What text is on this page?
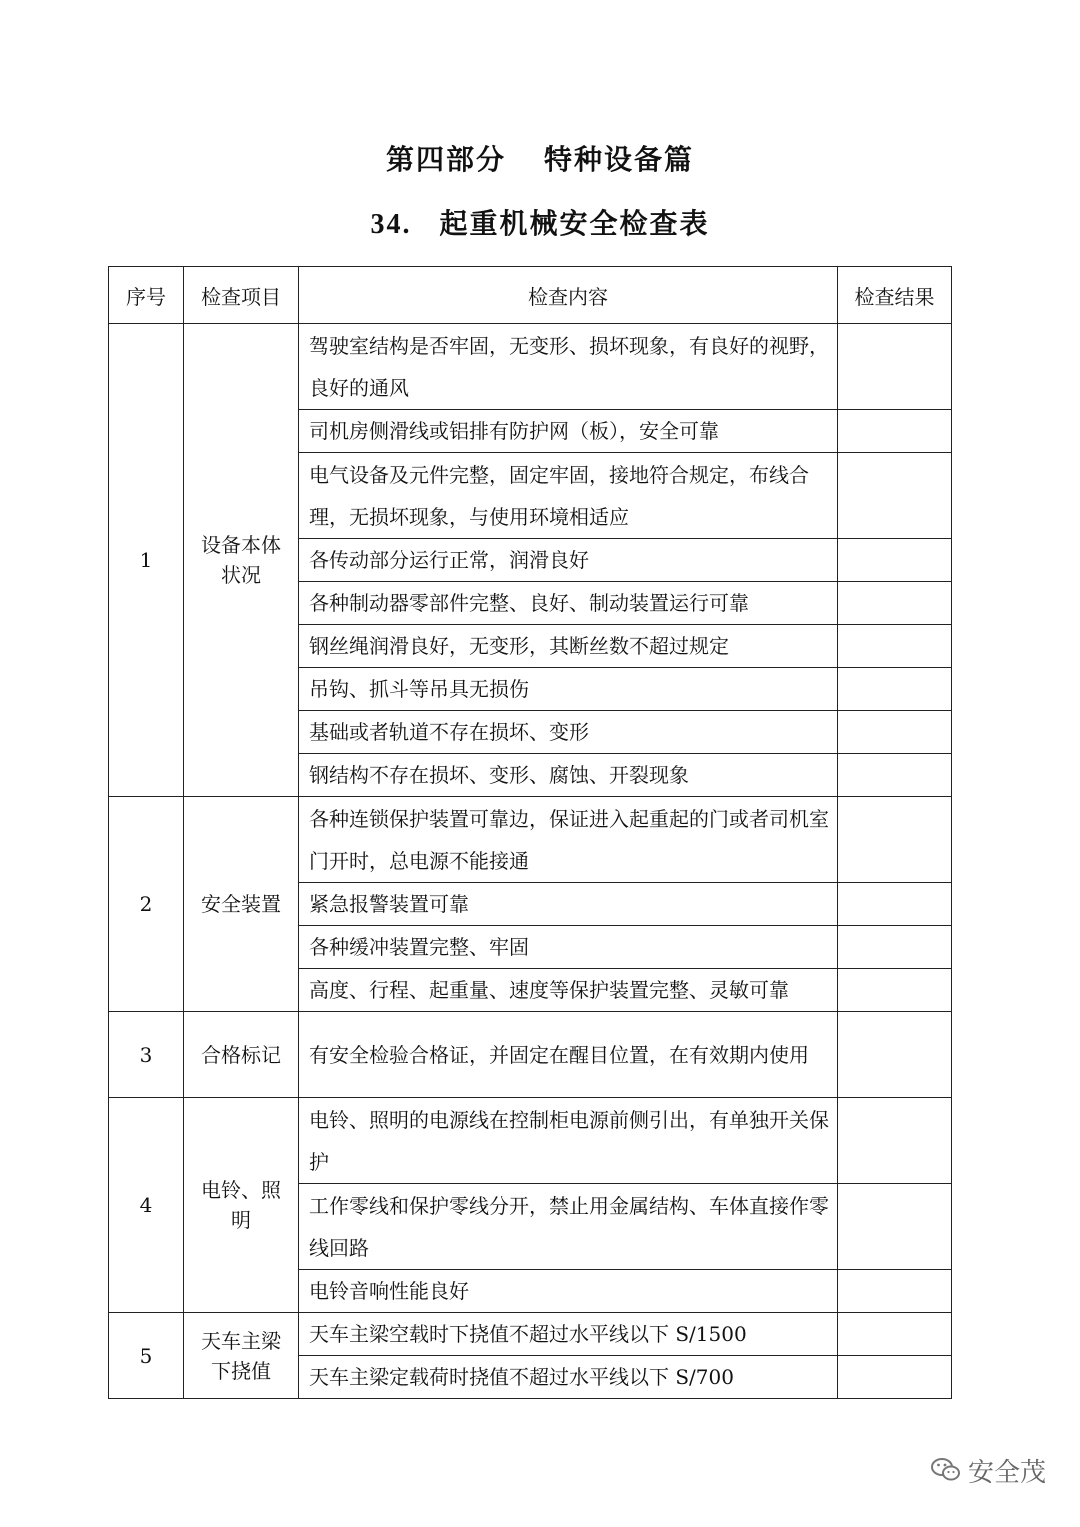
第四部分 特种设备篇
34. 起重机械安全检查表
序号	检查项目	检查内容	检查结果
1	设备本体状况	驾驶室结构是否牢固，无变形、损坏现象，有良好的视野，良好的通风	
		司机房侧滑线或铝排有防护网（板），安全可靠	
		电气设备及元件完整，固定牢固，接地符合规定，布线合理，无损坏现象，与使用环境相适应	
		各传动部分运行正常，润滑良好	
		各种制动器零部件完整、良好、制动装置运行可靠	
		钢丝绳润滑良好，无变形，其断丝数不超过规定	
		吊钩、抓斗等吊具无损伤	
		基础或者轨道不存在损坏、变形	
		钢结构不存在损坏、变形、腐蚀、开裂现象	
2	安全装置	各种连锁保护装置可靠边，保证进入起重起的门或者司机室门开时，总电源不能接通	
		紧急报警装置可靠	
		各种缓冲装置完整、牢固	
		高度、行程、起重量、速度等保护装置完整、灵敏可靠	
3	合格标记	有安全检验合格证，并固定在醒目位置，在有效期内使用	
4	电铃、照明	电铃、照明的电源线在控制柜电源前侧引出，有单独开关保护	
		工作零线和保护零线分开，禁止用金属结构、车体直接作零线回路	
		电铃音响性能良好	
5	天车主梁下挠值	天车主梁空载时下挠值不超过水平线以下 S/1500	
		天车主梁定载荷时挠值不超过水平线以下 S/700	
安全茂
